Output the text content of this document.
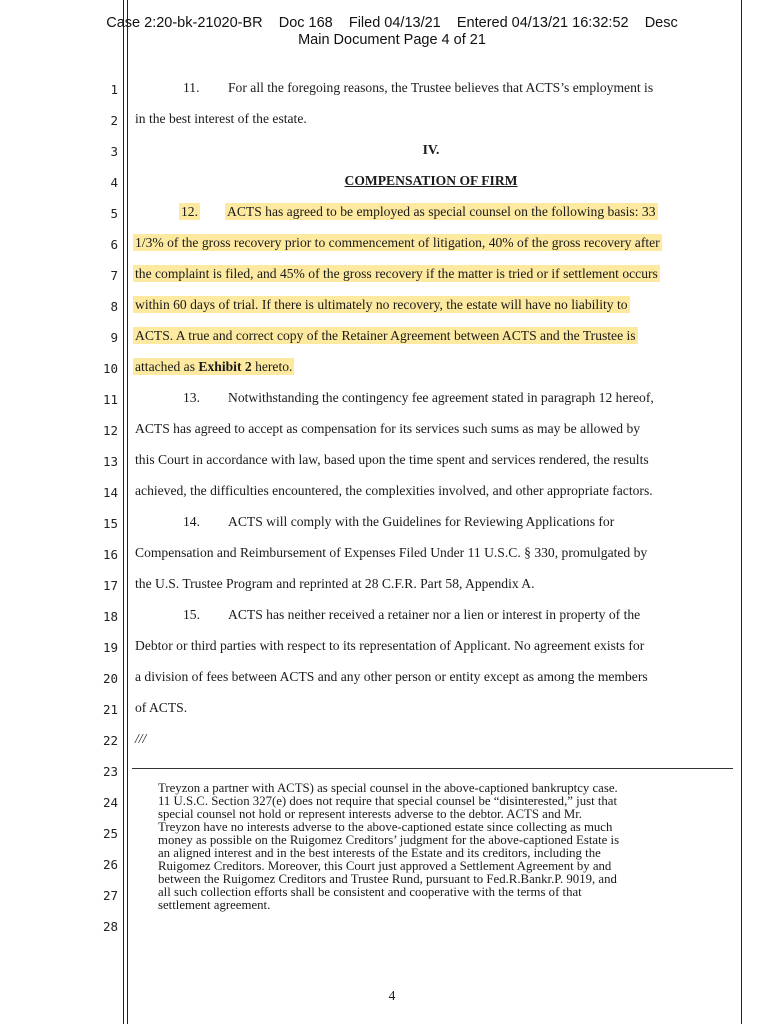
Case 2:20-bk-21020-BR    Doc 168    Filed 04/13/21    Entered 04/13/21 16:32:52    Desc
Main Document Page 4 of 21
1
2
3
4
5
6
7
8
9
10
11
12
13
14
15
16
17
18
19
20
21
22
23
24
25
26
27
28
11. For all the foregoing reasons, the Trustee believes that ACTS’s employment is
in the best interest of the estate.
IV.
COMPENSATION OF FIRM
12. ACTS has agreed to be employed as special counsel on the following basis: 33
1/3% of the gross recovery prior to commencement of litigation, 40% of the gross recovery after
the complaint is filed, and 45% of the gross recovery if the matter is tried or if settlement occurs
within 60 days of trial. If there is ultimately no recovery, the estate will have no liability to
ACTS. A true and correct copy of the Retainer Agreement between ACTS and the Trustee is
attached as Exhibit 2 hereto.
13. Notwithstanding the contingency fee agreement stated in paragraph 12 hereof,
ACTS has agreed to accept as compensation for its services such sums as may be allowed by
this Court in accordance with law, based upon the time spent and services rendered, the results
achieved, the difficulties encountered, the complexities involved, and other appropriate factors.
14. ACTS will comply with the Guidelines for Reviewing Applications for
Compensation and Reimbursement of Expenses Filed Under 11 U.S.C. § 330, promulgated by
the U.S. Trustee Program and reprinted at 28 C.F.R. Part 58, Appendix A.
15. ACTS has neither received a retainer nor a lien or interest in property of the
Debtor or third parties with respect to its representation of Applicant. No agreement exists for
a division of fees between ACTS and any other person or entity except as among the members
of ACTS.
///
Treyzon a partner with ACTS) as special counsel in the above-captioned bankruptcy case.
11 U.S.C. Section 327(e) does not require that special counsel be “disinterested,” just that
special counsel not hold or represent interests adverse to the debtor. ACTS and Mr.
Treyzon have no interests adverse to the above-captioned estate since collecting as much
money as possible on the Ruigomez Creditors’ judgment for the above-captioned Estate is
an aligned interest and in the best interests of the Estate and its creditors, including the
Ruigomez Creditors. Moreover, this Court just approved a Settlement Agreement by and
between the Ruigomez Creditors and Trustee Rund, pursuant to Fed.R.Bankr.P. 9019, and
all such collection efforts shall be consistent and cooperative with the terms of that
settlement agreement.
4
